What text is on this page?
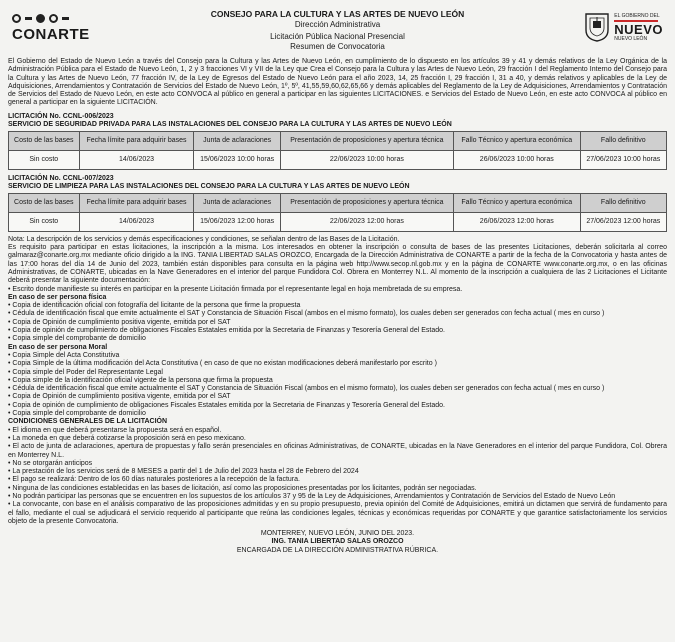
CONARTE
CONSEJO PARA LA CULTURA Y LAS ARTES DE NUEVO LEÓN
Dirección Administrativa
Licitación Pública Nacional Presencial
Resumen de Convocatoria
EL GOBIERNO DEL
NUEVO
NUEVO LEÓN

El Gobierno del Estado de Nuevo León a través del Consejo para la Cultura y las Artes de Nuevo León, en cumplimiento de lo dispuesto en los artículos 39 y 41 y demás relativos de la Ley Orgánica de la Administración Pública para el Estado de Nuevo León, 1, 2 y 3 fracciones VI y VII de la Ley que Crea el Consejo para la Cultura y las Artes de Nuevo León, 29 fracción I del Reglamento Interno del Consejo para la Cultura y las Artes de Nuevo León, 77 fracción IV, de la Ley de Egresos del Estado de Nuevo León para el año 2023, 14, 25 fracción I, 29 fracción I, 31 a 40, y demás relativos y aplicables de la Ley de Adquisiciones, Arrendamientos y Contratación de Servicios del Estado de Nuevo León, 1º, 5º, 41,55,59,60,62,65,66 y demás aplicables del Reglamento de la Ley de Adquisiciones, Arrendamientos y Contratación de Servicios del Estado de Nuevo León, en este acto CONVOCA al público en general a participar en las siguientes LICITACIONES. e Servicios del Estado de Nuevo León, en este acto CONVOCA al público en general a participar en la siguiente LICITACIÓN.

LICITACIÓN No. CCNL-006/2023
SERVICIO DE SEGURIDAD PRIVADA PARA LAS INSTALACIONES DEL CONSEJO PARA LA CULTURA Y LAS ARTES DE NUEVO LEÓN
Costo de las bases	Fecha límite para adquirir bases	Junta de aclaraciones	Presentación de proposiciones y apertura técnica	Fallo Técnico y apertura económica	Fallo definitivo
Sin costo	14/06/2023	15/06/2023 10:00 horas	22/06/2023 10:00 horas	26/06/2023 10:00 horas	27/06/2023 10:00 horas
LICITACIÓN No. CCNL-007/2023
SERVICIO DE LIMPIEZA PARA LAS INSTALACIONES DEL CONSEJO PARA LA CULTURA Y LAS ARTES DE NUEVO LEÓN
Costo de las bases	Fecha límite para adquirir bases	Junta de aclaraciones	Presentación de proposiciones y apertura técnica	Fallo Técnico y apertura económica	Fallo definitivo
Sin costo	14/06/2023	15/06/2023 12:00 horas	22/06/2023 12:00 horas	26/06/2023 12:00 horas	27/06/2023 12:00 horas
Nota: La descripción de los servicios y demás especificaciones y condiciones, se señalan dentro de las Bases de la Licitación.
Es requisito para participar en estas licitaciones, la inscripción a la misma. Los interesados en obtener la inscripción o consulta de bases de las presentes Licitaciones, deberán solicitarla al correo galmaraz@conarte.org.mx mediante oficio dirigido a la ING. TANIA LIBERTAD SALAS OROZCO, Encargada de la Dirección Administrativa de CONARTE a partir de la fecha de la Convocatoria y hasta antes de las 17:00 horas del día 14 de Junio del 2023, también están disponibles para consulta en la página web http://www.secop.nl.gob.mx y en la página de CONARTE www.conarte.org.mx, o en las oficinas Administrativas, de CONARTE, ubicadas en la Nave Generadores en el interior del parque Fundidora Col. Obrera en Monterrey N.L. Al momento de la inscripción a cualquiera de las 2 Licitaciones el Licitante deberá presentar la siguiente documentación:
• Escrito donde manifieste su interés en participar en la presente Licitación firmada por el representante legal en hoja membretada de su empresa.
En caso de ser persona física
• Copia de identificación oficial con fotografía del licitante de la persona que firme la propuesta
• Cédula de identificación fiscal que emite actualmente el SAT y Constancia de Situación Fiscal (ambos en el mismo formato), los cuales deben ser generados con fecha actual ( mes en curso )
• Copia de Opinión de cumplimiento positiva vigente, emitida por el SAT
• Copia de opinión de cumplimiento de obligaciones Fiscales Estatales emitida por la Secretaria de Finanzas y Tesorería General del Estado.
• Copia simple del comprobante de domicilio
En caso de ser persona Moral
• Copia Simple del Acta Constitutiva
• Copia Simple de la última modificación del Acta Constitutiva ( en caso de que no existan modificaciones deberá manifestarlo por escrito )
• Copia simple del Poder del Representante Legal
• Copia simple de la identificación oficial vigente de la persona que firma la propuesta
• Cédula de identificación fiscal que emite actualmente el SAT y Constancia de Situación Fiscal (ambos en el mismo formato), los cuales deben ser generados con fecha actual ( mes en curso )
• Copia de Opinión de cumplimiento positiva vigente, emitida por el SAT
• Copia de opinión de cumplimiento de obligaciones Fiscales Estatales emitida por la Secretaria de Finanzas y Tesorería General del Estado.
• Copia simple del comprobante de domicilio
CONDICIONES GENERALES DE LA LICITACIÓN
• El idioma en que deberá presentarse la propuesta será en español.
• La moneda en que deberá cotizarse la proposición será en peso mexicano.
• El acto de junta de aclaraciones, apertura de propuestas y fallo serán presenciales en oficinas Administrativas, de CONARTE, ubicadas en la Nave Generadores en el interior del parque Fundidora, Col. Obrera en Monterrey N.L.
• No se otorgarán anticipos
• La prestación de los servicios será de 8 MESES a partir del 1 de Julio del 2023 hasta el 28 de Febrero del 2024
• El pago se realizará: Dentro de los 60 días naturales posteriores a la recepción de la factura.
• Ninguna de las condiciones establecidas en las bases de licitación, así como las proposiciones presentadas por los licitantes, podrán ser negociadas.
• No podrán participar las personas que se encuentren en los supuestos de los artículos 37 y 95 de la Ley de Adquisiciones, Arrendamientos y Contratación de Servicios del Estado de Nuevo León
• La convocante, con base en el análisis comparativo de las proposiciones admitidas y en su propio presupuesto, previa opinión del Comité de Adquisiciones, emitirá un dictamen que servirá de fundamento para el fallo, mediante el cual se adjudicará el servicio requerido al participante que reúna las condiciones legales, técnicas y económicas requeridas por CONARTE y que garantice satisfactoriamente los servicios objeto de la presente Convocatoria.
MONTERREY, NUEVO LEÓN, JUNIO DEL 2023.
ING. TANIA LIBERTAD SALAS OROZCO
ENCARGADA DE LA DIRECCIÓN ADMINISTRATIVA RÚBRICA.
